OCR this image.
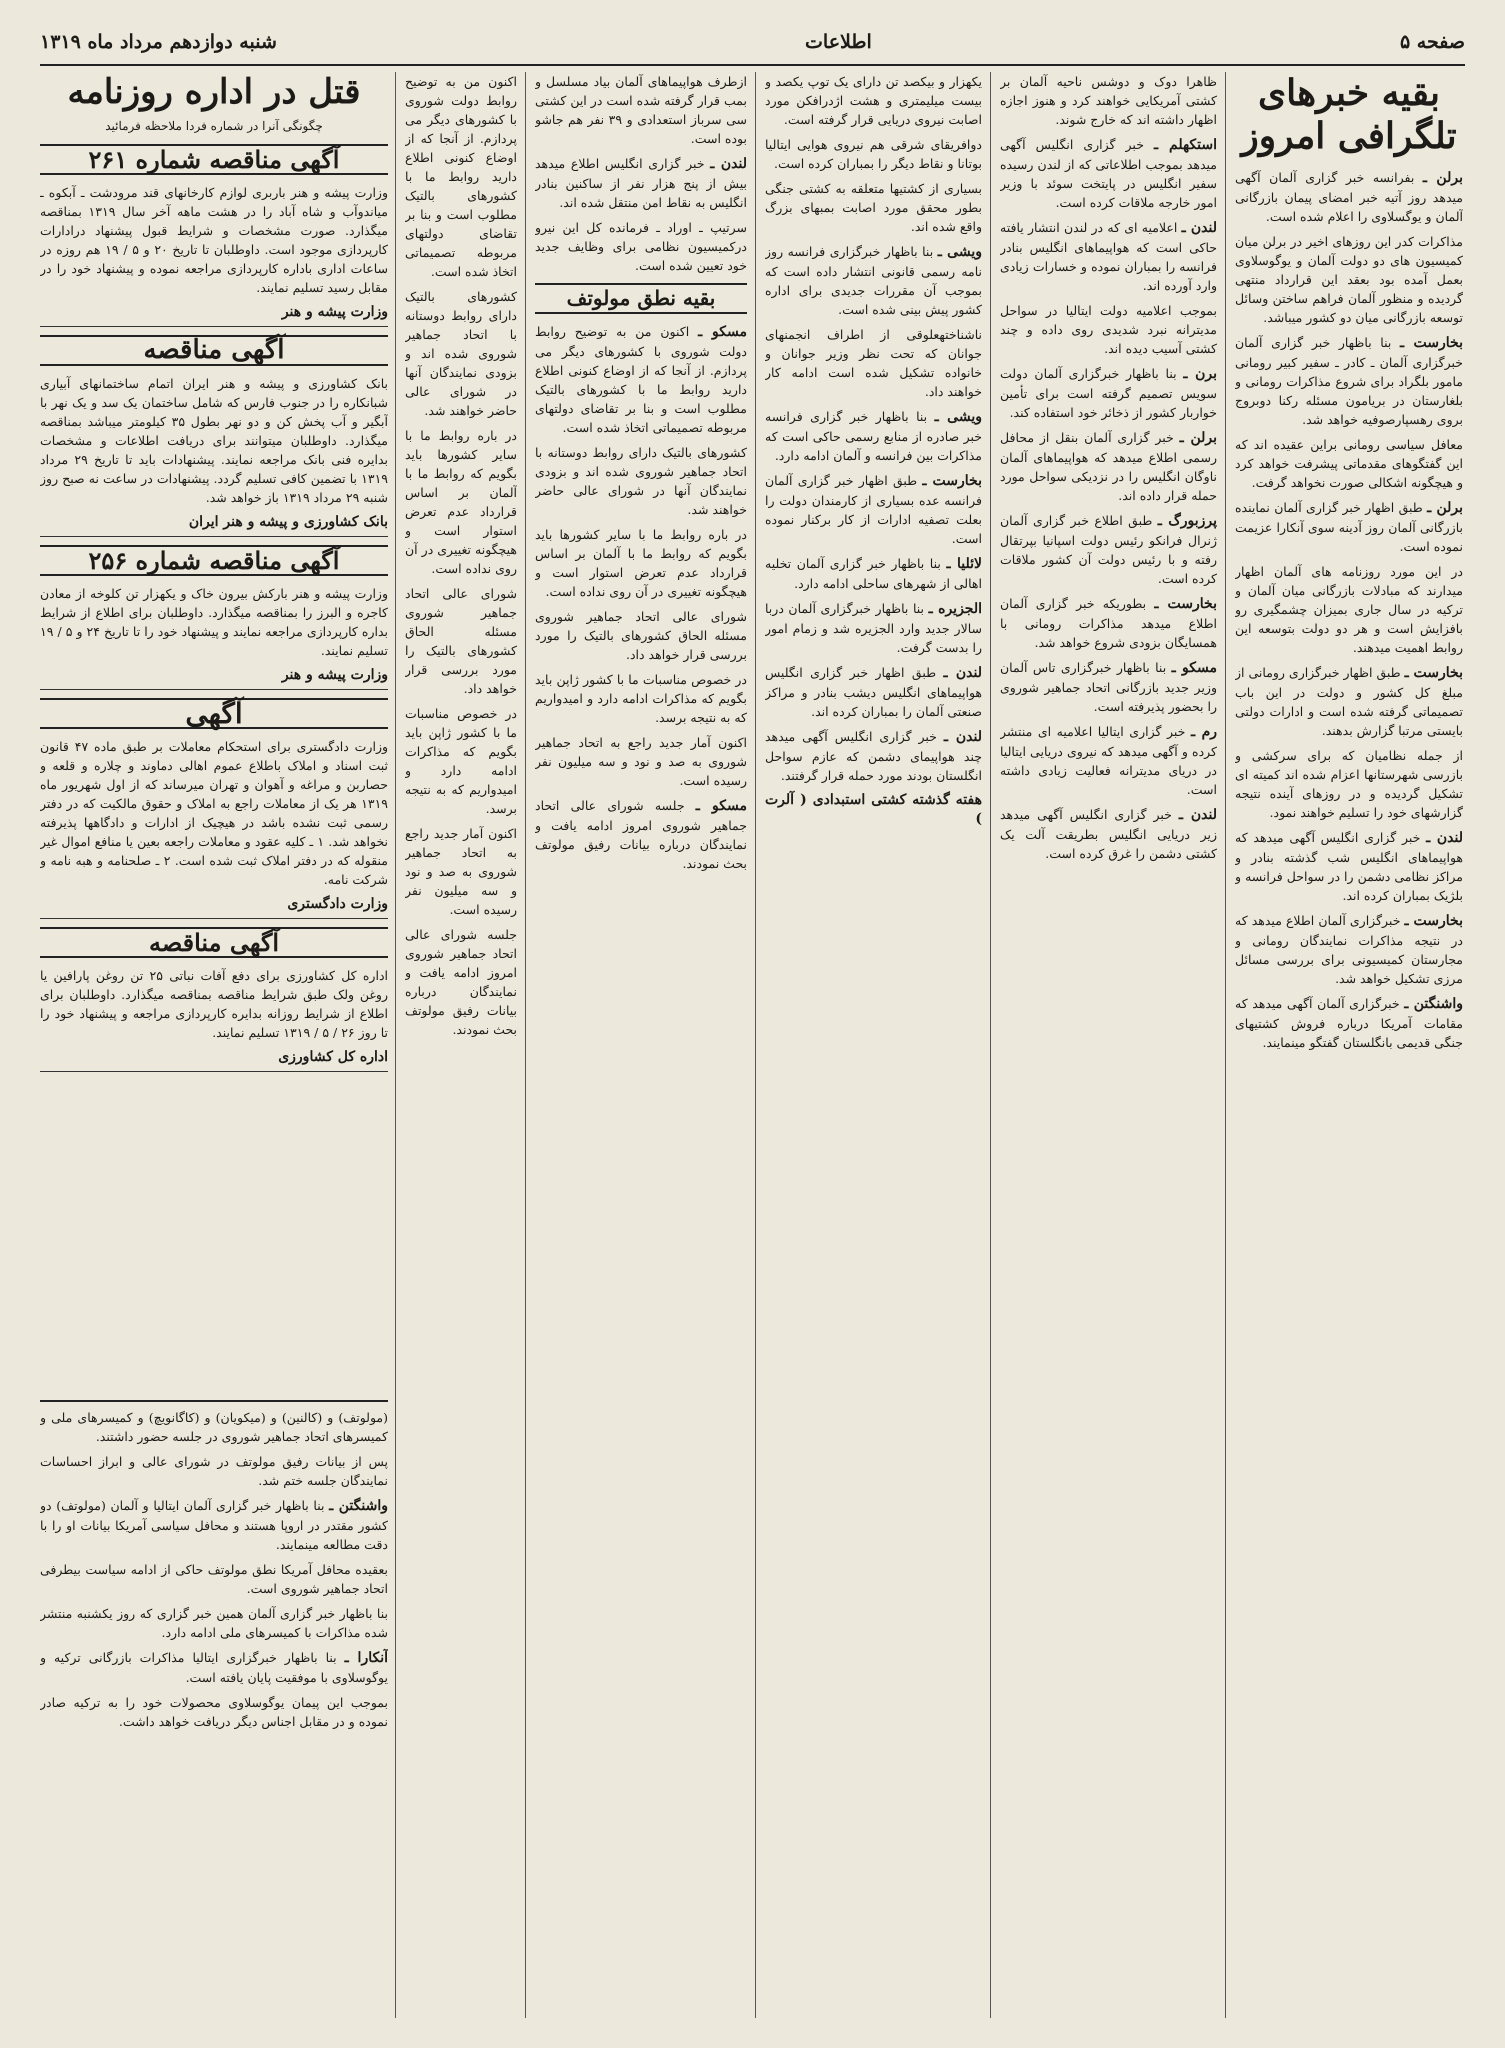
صفحه ۵
اطلاعات
شنبه دوازدهم مرداد ماه ۱۳۱۹
بقیه خبرهای تلگرافی امروز
برلن ـ بفرانسه خبر گزاری آلمان آگهی میدهد روز آتیه خبر امضای پیمان بازرگانی آلمان و یوگسلاوی را اعلام شده است.
مذاکرات کدر این روزهای اخیر در برلن میان کمیسیون های دو دولت آلمان و یوگوسلاوی بعمل آمده بود بعقد این قرارداد منتهی گردیده و منظور آلمان فراهم ساختن وسائل توسعه بازرگانی میان دو کشور میباشد.
بخارست ـ بنا باظهار خبر گزاری آلمان خبرگزاری آلمان ـ کادر ـ سفیر کبیر رومانی مامور بلگراد برای شروع مذاکرات رومانی و بلغارستان در بریامون مسئله رکنا دوبروج بروی رهسپارصوفیه خواهد شد.
معافل سیاسی رومانی براین عقیده اند که این گفتگوهای مقدماتی پیشرفت خواهد کرد و هیچگونه اشکالی صورت نخواهد گرفت.
برلن ـ طبق اظهار خبر گزاری آلمان نماینده بازرگانی آلمان روز آدینه سوی آنکارا عزیمت نموده است.
در این مورد روزنامه های آلمان اظهار میدارند که مبادلات بازرگانی میان آلمان و ترکیه در سال جاری بمیزان چشمگیری رو بافزایش است و هر دو دولت بتوسعه این روابط اهمیت میدهند.
بخارست ـ طبق اظهار خبرگزاری رومانی از مبلغ کل کشور و دولت در این باب تصمیماتی گرفته شده است و ادارات دولتی بایستی مرتبا گزارش بدهند.
از جمله نظامیان که برای سرکشی و بازرسی شهرستانها اعزام شده اند کمیته ای تشکیل گردیده و در روزهای آینده نتیجه گزارشهای خود را تسلیم خواهند نمود.
لندن ـ خبر گزاری انگلیس آگهی میدهد که هواپیماهای انگلیس شب گذشته بنادر و مراکز نظامی دشمن را در سواحل فرانسه و بلژیک بمباران کرده اند.
بخارست ـ خبرگزاری آلمان اطلاع میدهد که در نتیجه مذاکرات نمایندگان رومانی و مجارستان کمیسیونی برای بررسی مسائل مرزی تشکیل خواهد شد.
واشنگتن ـ خبرگزاری آلمان آگهی میدهد که مقامات آمریکا درباره فروش کشتیهای جنگی قدیمی بانگلستان گفتگو مینمایند.
ظاهرا دوک و دوشس ناحیه آلمان بر کشتی آمریکایی خواهند کرد و هنوز اجازه اظهار داشته اند که خارج شوند.
استکهلم ـ خبر گزاری انگلیس آگهی میدهد بموجب اطلاعاتی که از لندن رسیده سفیر انگلیس در پایتخت سوئد با وزیر امور خارجه ملاقات کرده است.
لندن ـ اعلامیه ای که در لندن انتشار یافته حاکی است که هواپیماهای انگلیس بنادر فرانسه را بمباران نموده و خسارات زیادی وارد آورده اند.
بموجب اعلامیه دولت ایتالیا در سواحل مدیترانه نبرد شدیدی روی داده و چند کشتی آسیب دیده اند.
برن ـ بنا باظهار خبرگزاری آلمان دولت سویس تصمیم گرفته است برای تأمین خواربار کشور از ذخائر خود استفاده کند.
برلن ـ خبر گزاری آلمان بنقل از محافل رسمی اطلاع میدهد که هواپیماهای آلمان ناوگان انگلیس را در نزدیکی سواحل مورد حمله قرار داده اند.
پرزبورگ ـ طبق اطلاع خبر گزاری آلمان ژنرال فرانکو رئیس دولت اسپانیا بپرتقال رفته و با رئیس دولت آن کشور ملاقات کرده است.
بخارست ـ بطوریکه خبر گزاری آلمان اطلاع میدهد مذاکرات رومانی با همسایگان بزودی شروع خواهد شد.
مسکو ـ بنا باظهار خبرگزاری تاس آلمان وزیر جدید بازرگانی اتحاد جماهیر شوروی را بحضور پذیرفته است.
رم ـ خبر گزاری ایتالیا اعلامیه ای منتشر کرده و آگهی میدهد که نیروی دریایی ایتالیا در دریای مدیترانه فعالیت زیادی داشته است.
لندن ـ خبر گزاری انگلیس آگهی میدهد زیر دریایی انگلیس بطریقت آلت یک کشتی دشمن را غرق کرده است.
یکهزار و بیکصد تن دارای یک توپ یکصد و بیست میلیمتری و هشت اژدرافکن مورد اصابت نیروی دریایی قرار گرفته است.
دوافریقای شرقی هم نیروی هوایی ایتالیا بوتانا و نقاط دیگر را بمباران کرده است.
بسیاری از کشتیها متعلقه به کشتی جنگی بطور محقق مورد اصابت بمبهای بزرگ واقع شده اند.
ویشی ـ بنا باظهار خبرگزاری فرانسه روز نامه رسمی قانونی انتشار داده است که بموجب آن مقررات جدیدی برای اداره کشور پیش بینی شده است.
ناشناختهعلوقی از اطراف انجمنهای جوانان که تحت نظر وزیر جوانان و خانواده تشکیل شده است ادامه کار خواهند داد.
ویشی ـ بنا باظهار خبر گزاری فرانسه خبر صادره از منابع رسمی حاکی است که مذاکرات بین فرانسه و آلمان ادامه دارد.
بخارست ـ طبق اظهار خبر گزاری آلمان فرانسه عده بسیاری از کارمندان دولت را بعلت تصفیه ادارات از کار برکنار نموده است.
لائلیا ـ بنا باظهار خبر گزاری آلمان تخلیه اهالی از شهرهای ساحلی ادامه دارد.
الجزیره ـ بنا باظهار خبرگزاری آلمان دربا سالار جدید وارد الجزیره شد و زمام امور را بدست گرفت.
لندن ـ طبق اظهار خبر گزاری انگلیس هواپیماهای انگلیس دیشب بنادر و مراکز صنعتی آلمان را بمباران کرده اند.
لندن ـ خبر گزاری انگلیس آگهی میدهد چند هواپیمای دشمن که عازم سواحل انگلستان بودند مورد حمله قرار گرفتند.
هفته گذشته کشتی استبدادی ( آلرت )
ازطرف هواپیماهای آلمان بیاد مسلسل و بمب قرار گرفته شده است در این کشتی سی سرباز استعدادی و ۳۹ نفر هم جاشو بوده است.
لندن ـ خبر گزاری انگلیس اطلاع میدهد بیش از پنج هزار نفر از ساکنین بنادر انگلیس به نقاط امن منتقل شده اند.
سرتیپ ـ اوراد ـ فرمانده کل این نیرو درکمیسیون نظامی برای وظایف جدید خود تعیین شده است.
بقیه نطق مولوتف
مسکو ـ اکنون من به توضیح روابط دولت شوروی با کشورهای دیگر می پردازم. از آنجا که از اوضاع کنونی اطلاع دارید روابط ما با کشورهای بالتیک مطلوب است و بنا بر تقاضای دولتهای مربوطه تصمیماتی اتخاذ شده است.
کشورهای بالتیک دارای روابط دوستانه با اتحاد جماهیر شوروی شده اند و بزودی نمایندگان آنها در شورای عالی حاضر خواهند شد.
در باره روابط ما با سایر کشورها باید بگویم که روابط ما با آلمان بر اساس قرارداد عدم تعرض استوار است و هیچگونه تغییری در آن روی نداده است.
شورای عالی اتحاد جماهیر شوروی مسئله الحاق کشورهای بالتیک را مورد بررسی قرار خواهد داد.
در خصوص مناسبات ما با کشور ژاپن باید بگویم که مذاکرات ادامه دارد و امیدواریم که به نتیجه برسد.
اکنون آمار جدید راجع به اتحاد جماهیر شوروی به صد و نود و سه میلیون نفر رسیده است.
مسکو ـ جلسه شورای عالی اتحاد جماهیر شوروی امروز ادامه یافت و نمایندگان درباره بیانات رفیق مولوتف بحث نمودند.
قتل در اداره روزنامه
چگونگی آنرا در شماره فردا ملاحظه فرمائید
آگهی مناقصه شماره ۲۶۱
وزارت پیشه و هنر باربری لوازم کارخانهای قند مرودشت ـ آبکوه ـ میاندوآب و شاه آباد را در هشت ماهه آخر سال ۱۳۱۹ بمناقصه میگذارد. صورت مشخصات و شرایط قبول پیشنهاد درادارات کارپردازی موجود است. داوطلبان تا تاریخ ۲۰ و ۵ / ۱۹ هم روزه در ساعات اداری باداره کارپردازی مراجعه نموده و پیشنهاد خود را در مقابل رسید تسلیم نمایند.
وزارت پیشه و هنر
آگهی مناقصه
بانک کشاورزی و پیشه و هنر ایران اتمام ساختمانهای آبیاری شبانکاره را در جنوب فارس که شامل ساختمان یک سد و یک نهر با آبگیر و آب پخش کن و دو نهر بطول ۳۵ کیلومتر میباشد بمناقصه میگذارد. داوطلبان میتوانند برای دریافت اطلاعات و مشخصات بدایره فنی بانک مراجعه نمایند. پیشنهادات باید تا تاریخ ۲۹ مرداد ۱۳۱۹ با تضمین کافی تسلیم گردد. پیشنهادات در ساعت نه صبح روز شنبه ۲۹ مرداد ۱۳۱۹ باز خواهد شد.
بانک کشاورزی و پیشه و هنر ایران
آگهی مناقصه شماره ۲۵۶
وزارت پیشه و هنر بارکش بیرون خاک و یکهزار تن کلوخه از معادن کاجره و البرز را بمناقصه میگذارد. داوطلبان برای اطلاع از شرایط بداره کارپردازی مراجعه نمایند و پیشنهاد خود را تا تاریخ ۲۴ و ۵ / ۱۹ تسلیم نمایند.
وزارت پیشه و هنر
آگهی
وزارت دادگستری برای استحکام معاملات بر طبق ماده ۴۷ قانون ثبت اسناد و املاک باطلاع عموم اهالی دماوند و چلاره و قلعه و حصاربن و مراغه و آهوان و تهران میرساند که از اول شهریور ماه ۱۳۱۹ هر یک از معاملات راجع به املاک و حقوق مالکیت که در دفتر رسمی ثبت نشده باشد در هیچیک از ادارات و دادگاهها پذیرفته نخواهد شد. ۱ ـ کلیه عقود و معاملات راجعه بعین یا منافع اموال غیر منقوله که در دفتر املاک ثبت شده است. ۲ ـ صلحنامه و هبه نامه و شرکت نامه.
وزارت دادگستری
آگهی مناقصه
اداره کل کشاورزی برای دفع آفات نباتی ۲۵ تن روغن پارافین یا روغن ولک طبق شرایط مناقصه بمناقصه میگذارد. داوطلبان برای اطلاع از شرایط روزانه بدایره کارپردازی مراجعه و پیشنهاد خود را تا روز ۲۶ / ۵ / ۱۳۱۹ تسلیم نمایند.
اداره کل کشاورزی
(مولوتف) و (کالنین) و (میکویان) و (کاگانویچ) و کمیسرهای ملی و کمیسرهای اتحاد جماهیر شوروی در جلسه حضور داشتند.
پس از بیانات رفیق مولوتف در شورای عالی و ابراز احساسات نمایندگان جلسه ختم شد.
واشنگتن ـ بنا باظهار خبر گزاری آلمان ایتالیا و آلمان (مولوتف) دو کشور مقتدر در اروپا هستند و محافل سیاسی آمریکا بیانات او را با دقت مطالعه مینمایند.
بعقیده محافل آمریکا نطق مولوتف حاکی از ادامه سیاست بیطرفی اتحاد جماهیر شوروی است.
بنا باظهار خبر گزاری آلمان همین خبر گزاری که روز یکشنبه منتشر شده مذاکرات با کمیسرهای ملی ادامه دارد.
آنکارا ـ بنا باظهار خبرگزاری ایتالیا مذاکرات بازرگانی ترکیه و یوگوسلاوی با موفقیت پایان یافته است.
بموجب این پیمان یوگوسلاوی محصولات خود را به ترکیه صادر نموده و در مقابل اجناس دیگر دریافت خواهد داشت.
اکنون من به توضیح روابط دولت شوروی با کشورهای دیگر می پردازم. از آنجا که از اوضاع کنونی اطلاع دارید روابط ما با کشورهای بالتیک مطلوب است و بنا بر تقاضای دولتهای مربوطه تصمیماتی اتخاذ شده است.
کشورهای بالتیک دارای روابط دوستانه با اتحاد جماهیر شوروی شده اند و بزودی نمایندگان آنها در شورای عالی حاضر خواهند شد.
در باره روابط ما با سایر کشورها باید بگویم که روابط ما با آلمان بر اساس قرارداد عدم تعرض استوار است و هیچگونه تغییری در آن روی نداده است.
شورای عالی اتحاد جماهیر شوروی مسئله الحاق کشورهای بالتیک را مورد بررسی قرار خواهد داد.
در خصوص مناسبات ما با کشور ژاپن باید بگویم که مذاکرات ادامه دارد و امیدواریم که به نتیجه برسد.
اکنون آمار جدید راجع به اتحاد جماهیر شوروی به صد و نود و سه میلیون نفر رسیده است.
جلسه شورای عالی اتحاد جماهیر شوروی امروز ادامه یافت و نمایندگان درباره بیانات رفیق مولوتف بحث نمودند.
